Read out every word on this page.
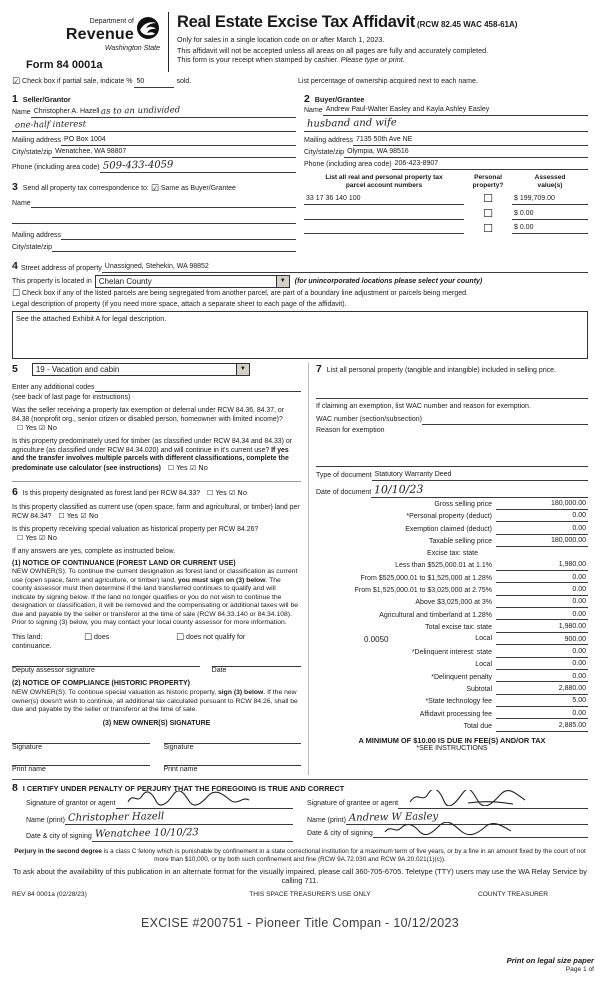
Department of
Revenue
Washington State
Form 84 0001a
Real Estate Excise Tax Affidavit (RCW 82.45 WAC 458-61A)
Only for sales in a single location code on or after March 1, 2023.
This affidavit will not be accepted unless all areas on all pages are fully and accurately completed.
This form is your receipt when stamped by cashier. Please type or print.
☑ Check box if partial sale, indicate % 50	sold.	List percentage of ownership acquired next to each name.
1 Seller/Grantor
Name Christopher A. Hazell as to an undivided
one-half interest
Mailing address PO Box 1004
City/state/zip Wenatchee, WA 98807
Phone (including area code) 509-433-4059
3 Send all property tax correspondence to: ☑ Same as Buyer/Grantee
Name
Mailing address
City/state/zip
2 Buyer/Grantee
Name Andrew Paul-Walter Easley and Kayla Ashley Easley
husband and wife
Mailing address 7135 50th Ave NE
City/state/zip Olympia, WA 98516
Phone (including area code) 206-423-8907
List all real and personal property tax
parcel account numbers
Personal
property?
Assessed
value(s)
33 17 36 140 100	☐	$ 199,709.00
☐	$ 0.00
☐	$ 0.00
4 Street address of property Unassigned, Stehekin, WA 98852
This property is located in Chelan County	▼	(for unincorporated locations please select your county)
☐ Check box if any of the listed parcels are being segregated from another parcel, are part of a boundary line adjustment or parcels being merged.
Legal description of property (if you need more space, attach a separate sheet to each page of the affidavit).
See the attached Exhibit A for legal description.
5	19 - Vacation and cabin	▼
Enter any additional codes
(see back of last page for instructions)
Was the seller receiving a property tax exemption or deferral under RCW 84.36, 84.37, or 84.38 (nonprofit org., senior citizen or disabled person, homeowner with limited income)? ☐ Yes ☑ No
Is this property predominately used for timber (as classified under RCW 84.34 and 84.33) or agriculture (as classified under RCW 84.34.020) and will continue in it's current use? If yes and the transfer involves multiple parcels with different classifications, complete the predominate use calculator (see instructions) ☐ Yes ☑ No
6 Is this property designated as forest land per RCW 84.33? ☐ Yes ☑ No
Is this property classified as current use (open space, farm and agricultural, or timber) land per RCW 84.34? ☐ Yes ☑ No
Is this property receiving special valuation as historical property per RCW 84.26? ☐ Yes ☑ No
If any answers are yes, complete as instructed below.
(1) NOTICE OF CONTINUANCE (FOREST LAND OR CURRENT USE)
NEW OWNER(S): To continue the current designation as forest land or classification as current use (open space, farm and agriculture, or timber) land, you must sign on (3) below. The county assessor must then determine if the land transferred continues to qualify and will indicate by signing below. If the land no longer qualifies or you do not wish to continue the designation or classification, it will be removed and the compensating or additional taxes will be due and payable by the seller or transferor at the time of sale (RCW 84.33.140 or 84.34.108). Prior to signing (3) below, you may contact your local county assessor for more information.
This land:	☐ does	☐ does not qualify for
continuance.
Deputy assessor signature	Date
(2) NOTICE OF COMPLIANCE (HISTORIC PROPERTY)
NEW OWNER(S): To continue special valuation as historic property, sign (3) below. If the new owner(s) doesn't wish to continue, all additional tax calculated pursuant to RCW 84.26, shall be due and payable by the seller or transferor at the time of sale.
(3) NEW OWNER(S) SIGNATURE
Signature	Signature
Print name	Print name
7 List all personal property (tangible and intangible) included in selling price.
If claiming an exemption, list WAC number and reason for exemption.
WAC number (section/subsection)
Reason for exemption
Type of document Statutory Warranty Deed
Date of document 10/10/23
Gross selling price	180,000.00
*Personal property (deduct)	0.00
Exemption claimed (deduct)	0.00
Taxable selling price	180,000.00
Excise tax: state
Less than $525,000.01 at 1.1%	1,980.00
From $525,000.01 to $1,525,000 at 1.28%	0.00
From $1,525,000.01 to $3,025,000 at 2.75%	0.00
Above $3,025,000 at 3%	0.00
Agricultural and timberland at 1.28%	0.00
Total excise tax: state	1,980.00
0.0050	Local	900.00
*Delinquent interest: state	0.00
Local	0.00
*Delinquent penalty	0.00
Subtotal	2,880.00
*State technology fee	5.00
Affidavit processing fee	0.00
Total due	2,885.00
A MINIMUM OF $10.00 IS DUE IN FEE(S) AND/OR TAX
*SEE INSTRUCTIONS
8 I CERTIFY UNDER PENALTY OF PERJURY THAT THE FOREGOING IS TRUE AND CORRECT
Signature of grantor or agent
Name (print) Christopher Hazell
Date & city of signing Wenatchee 10/10/23
Signature of grantee or agent
Name (print) Andrew W Easley
Date & city of signing
Perjury in the second degree is a class C felony which is punishable by confinement in a state correctional institution for a maximum term of five years, or by a fine in an amount fixed by the court of not more than $10,000, or by both such confinement and fine (RCW 9A.72.030 and RCW 9A.20.021(1)(c)).
To ask about the availability of this publication in an alternate format for the visually impaired, please call 360-705-6705. Teletype (TTY) users may use the WA Relay Service by calling 711.
REV 84 0001a (02/28/23)	THIS SPACE TREASURER'S USE ONLY	COUNTY TREASURER
EXCISE #200751 - Pioneer Title Compan - 10/12/2023
Print on legal size paper
Page 1 of
